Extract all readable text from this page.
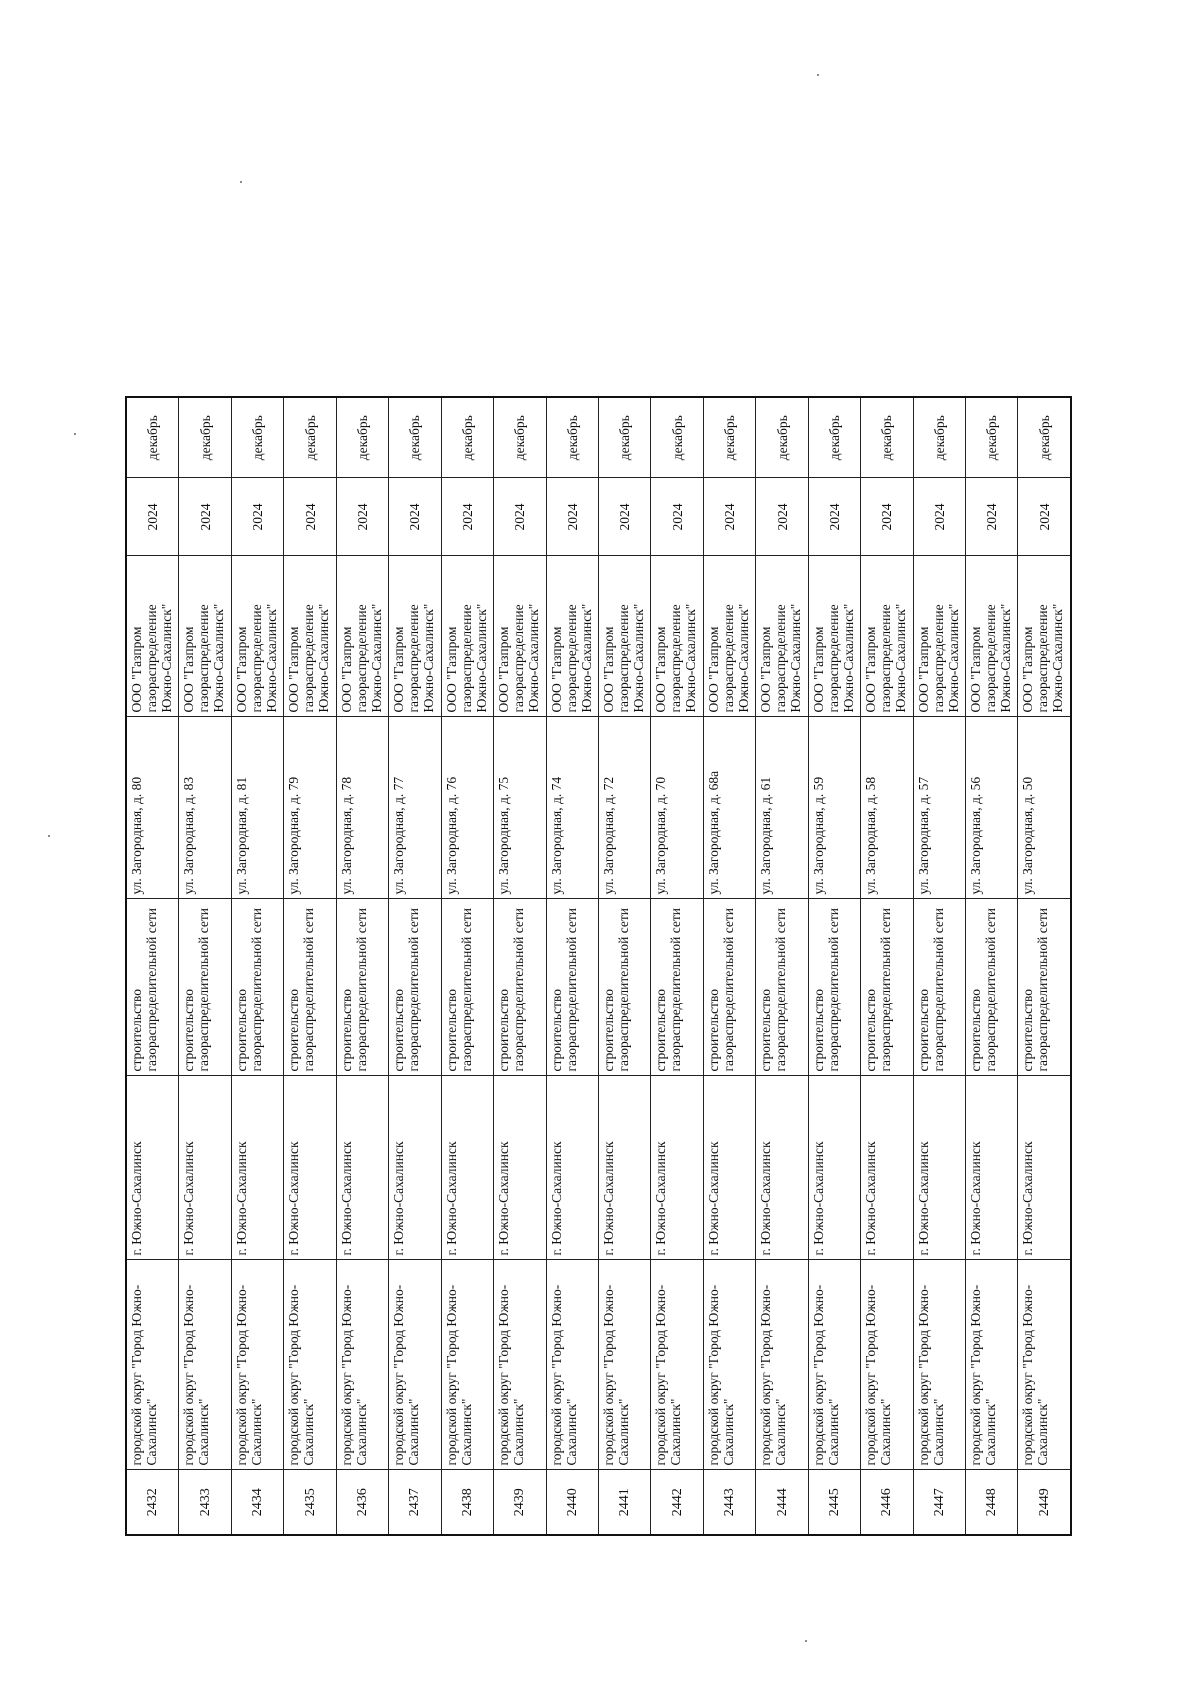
2432	городской округ "Город Южно-Сахалинск"	г. Южно-Сахалинск	строительство газораспределительной сети	ул. Загородная, д. 80	ООО "Газпром газораспределение Южно-Сахалинск"	2024	декабрь
2433	городской округ "Город Южно-Сахалинск"	г. Южно-Сахалинск	строительство газораспределительной сети	ул. Загородная, д. 83	ООО "Газпром газораспределение Южно-Сахалинск"	2024	декабрь
2434	городской округ "Город Южно-Сахалинск"	г. Южно-Сахалинск	строительство газораспределительной сети	ул. Загородная, д. 81	ООО "Газпром газораспределение Южно-Сахалинск"	2024	декабрь
2435	городской округ "Город Южно-Сахалинск"	г. Южно-Сахалинск	строительство газораспределительной сети	ул. Загородная, д. 79	ООО "Газпром газораспределение Южно-Сахалинск"	2024	декабрь
2436	городской округ "Город Южно-Сахалинск"	г. Южно-Сахалинск	строительство газораспределительной сети	ул. Загородная, д. 78	ООО "Газпром газораспределение Южно-Сахалинск"	2024	декабрь
2437	городской округ "Город Южно-Сахалинск"	г. Южно-Сахалинск	строительство газораспределительной сети	ул. Загородная, д. 77	ООО "Газпром газораспределение Южно-Сахалинск"	2024	декабрь
2438	городской округ "Город Южно-Сахалинск"	г. Южно-Сахалинск	строительство газораспределительной сети	ул. Загородная, д. 76	ООО "Газпром газораспределение Южно-Сахалинск"	2024	декабрь
2439	городской округ "Город Южно-Сахалинск"	г. Южно-Сахалинск	строительство газораспределительной сети	ул. Загородная, д. 75	ООО "Газпром газораспределение Южно-Сахалинск"	2024	декабрь
2440	городской округ "Город Южно-Сахалинск"	г. Южно-Сахалинск	строительство газораспределительной сети	ул. Загородная, д. 74	ООО "Газпром газораспределение Южно-Сахалинск"	2024	декабрь
2441	городской округ "Город Южно-Сахалинск"	г. Южно-Сахалинск	строительство газораспределительной сети	ул. Загородная, д. 72	ООО "Газпром газораспределение Южно-Сахалинск"	2024	декабрь
2442	городской округ "Город Южно-Сахалинск"	г. Южно-Сахалинск	строительство газораспределительной сети	ул. Загородная, д. 70	ООО "Газпром газораспределение Южно-Сахалинск"	2024	декабрь
2443	городской округ "Город Южно-Сахалинск"	г. Южно-Сахалинск	строительство газораспределительной сети	ул. Загородная, д. 68а	ООО "Газпром газораспределение Южно-Сахалинск"	2024	декабрь
2444	городской округ "Город Южно-Сахалинск"	г. Южно-Сахалинск	строительство газораспределительной сети	ул. Загородная, д. 61	ООО "Газпром газораспределение Южно-Сахалинск"	2024	декабрь
2445	городской округ "Город Южно-Сахалинск"	г. Южно-Сахалинск	строительство газораспределительной сети	ул. Загородная, д. 59	ООО "Газпром газораспределение Южно-Сахалинск"	2024	декабрь
2446	городской округ "Город Южно-Сахалинск"	г. Южно-Сахалинск	строительство газораспределительной сети	ул. Загородная, д. 58	ООО "Газпром газораспределение Южно-Сахалинск"	2024	декабрь
2447	городской округ "Город Южно-Сахалинск"	г. Южно-Сахалинск	строительство газораспределительной сети	ул. Загородная, д. 57	ООО "Газпром газораспределение Южно-Сахалинск"	2024	декабрь
2448	городской округ "Город Южно-Сахалинск"	г. Южно-Сахалинск	строительство газораспределительной сети	ул. Загородная, д. 56	ООО "Газпром газораспределение Южно-Сахалинск"	2024	декабрь
2449	городской округ "Город Южно-Сахалинск"	г. Южно-Сахалинск	строительство газораспределительной сети	ул. Загородная, д. 50	ООО "Газпром газораспределение Южно-Сахалинск"	2024	декабрь
